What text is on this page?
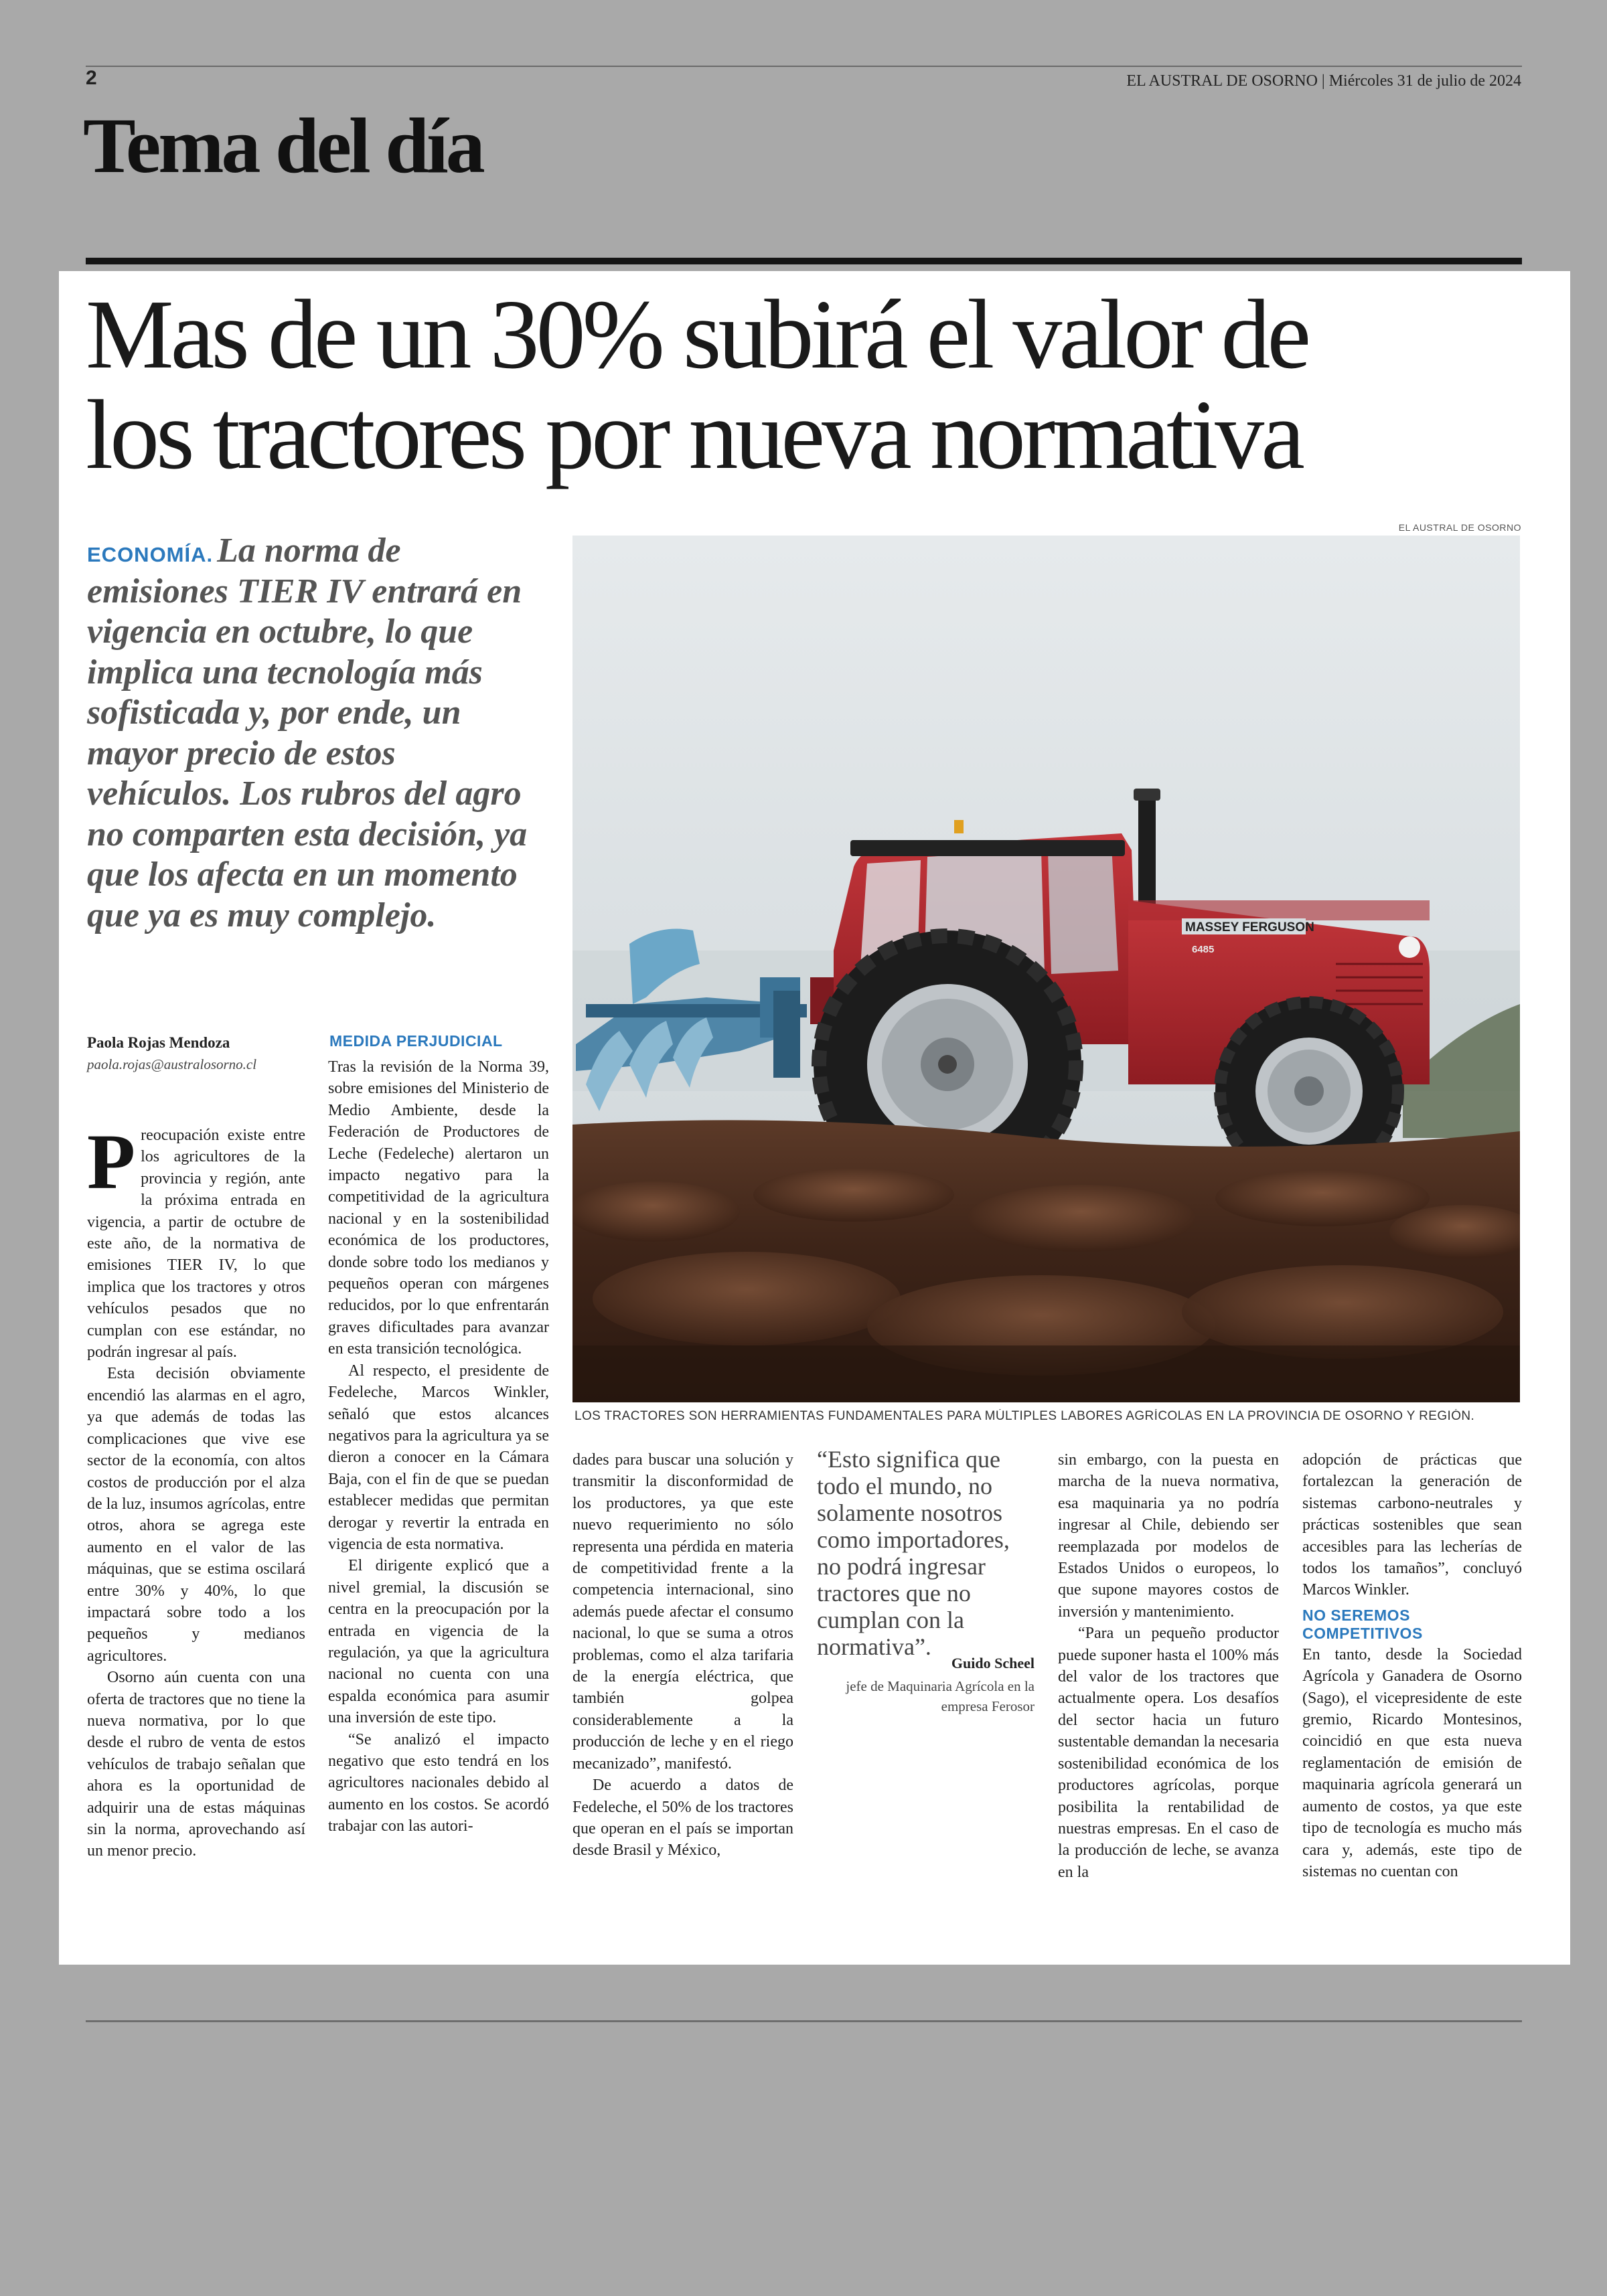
2	EL AUSTRAL DE OSORNO | Miércoles 31 de julio de 2024
Tema del día
Mas de un 30% subirá el valor de
los tractores por nueva normativa
ECONOMÍA. La norma de emisiones TIER IV entrará en vigencia en octubre, lo que implica una tecnología más sofisticada y, por ende, un mayor precio de estos vehículos. Los rubros del agro no comparten esta decisión, ya que los afecta en un momento que ya es muy complejo.
EL AUSTRAL DE OSORNO
MASSEY FERGUSON
6485
LOS TRACTORES SON HERRAMIENTAS FUNDAMENTALES PARA MÚLTIPLES LABORES AGRÍCOLAS EN LA PROVINCIA DE OSORNO Y REGIÓN.
Paola Rojas Mendoza
paola.rojas@australosorno.cl

Preocupación existe entre los agricultores de la provincia y región, ante la próxima entrada en vigencia, a partir de octubre de este año, de la normativa de emisiones TIER IV, lo que implica que los tractores y otros vehículos pesados que no cumplan con ese estándar, no podrán ingresar al país.

Esta decisión obviamente encendió las alarmas en el agro, ya que además de todas las complicaciones que vive ese sector de la economía, con altos costos de producción por el alza de la luz, insumos agrícolas, entre otros, ahora se agrega este aumento en el valor de las máquinas, que se estima oscilará entre 30% y 40%, lo que impactará sobre todo a los pequeños y medianos agricultores.

Osorno aún cuenta con una oferta de tractores que no tiene la nueva normativa, por lo que desde el rubro de venta de estos vehículos de trabajo señalan que ahora es la oportunidad de adquirir una de estas máquinas sin la norma, aprovechando así un menor precio.

MEDIDA PERJUDICIAL

Tras la revisión de la Norma 39, sobre emisiones del Ministerio de Medio Ambiente, desde la Federación de Productores de Leche (Fedeleche) alertaron un impacto negativo para la competitividad de la agricultura nacional y en la sostenibilidad económica de los productores, donde sobre todo los medianos y pequeños operan con márgenes reducidos, por lo que enfrentarán graves dificultades para avanzar en esta transición tecnológica.

Al respecto, el presidente de Fedeleche, Marcos Winkler, señaló que estos alcances negativos para la agricultura ya se dieron a conocer en la Cámara Baja, con el fin de que se puedan establecer medidas que permitan derogar y revertir la entrada en vigencia de esta normativa.

El dirigente explicó que a nivel gremial, la discusión se centra en la preocupación por la entrada en vigencia de la regulación, ya que la agricultura nacional no cuenta con una espalda económica para asumir una inversión de este tipo.

“Se analizó el impacto negativo que esto tendrá en los agricultores nacionales debido al aumento en los costos. Se acordó trabajar con las autori-

dades para buscar una solución y transmitir la disconformidad de los productores, ya que este nuevo requerimiento no sólo representa una pérdida en materia de competitividad frente a la competencia internacional, sino además puede afectar el consumo nacional, lo que se suma a otros problemas, como el alza tarifaria de la energía eléctrica, que también golpea considerablemente a la producción de leche y en el riego mecanizado”, manifestó.

De acuerdo a datos de Fedeleche, el 50% de los tractores que operan en el país se importan desde Brasil y México,

“Esto significa que todo el mundo, no solamente nosotros como importadores, no podrá ingresar tractores que no cumplan con la normativa”.
Guido Scheel
jefe de Maquinaria Agrícola en la empresa Ferosor

sin embargo, con la puesta en marcha de la nueva normativa, esa maquinaria ya no podría ingresar al Chile, debiendo ser reemplazada por modelos de Estados Unidos o europeos, lo que supone mayores costos de inversión y mantenimiento.

“Para un pequeño productor puede suponer hasta el 100% más del valor de los tractores que actualmente opera. Los desafíos del sector hacia un futuro sustentable demandan la necesaria sostenibilidad económica de los productores agrícolas, porque posibilita la rentabilidad de nuestras empresas. En el caso de la producción de leche, se avanza en la

adopción de prácticas que fortalezcan la generación de sistemas carbono-neutrales y prácticas sostenibles que sean accesibles para las lecherías de todos los tamaños”, concluyó Marcos Winkler.

NO SEREMOS COMPETITIVOS

En tanto, desde la Sociedad Agrícola y Ganadera de Osorno (Sago), el vicepresidente de este gremio, Ricardo Montesinos, coincidió en que esta nueva reglamentación de emisión de maquinaria agrícola generará un aumento de costos, ya que este tipo de tecnología es mucho más cara y, además, este tipo de sistemas no cuentan con
